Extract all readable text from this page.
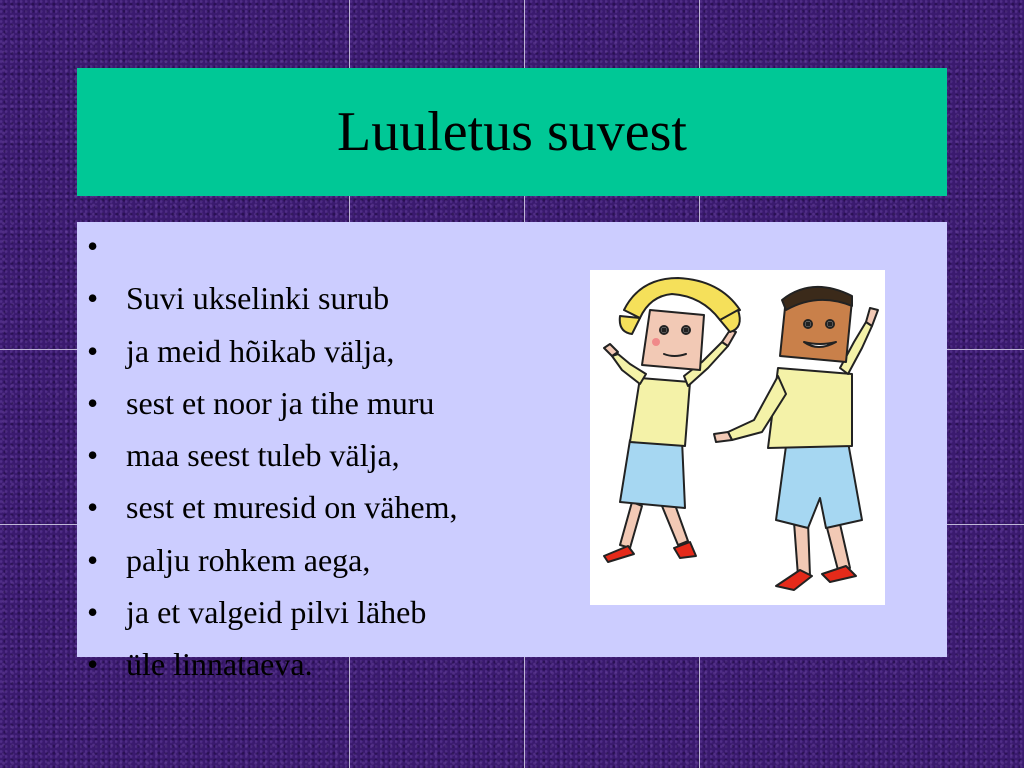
Luuletus suvest
•
• Suvi ukselinki surub
• ja meid hõikab välja,
• sest et noor ja tihe muru
• maa seest tuleb välja,
• sest et muresid on vähem,
• palju rohkem aega,
• ja et valgeid pilvi läheb
• üle linnataeva.
